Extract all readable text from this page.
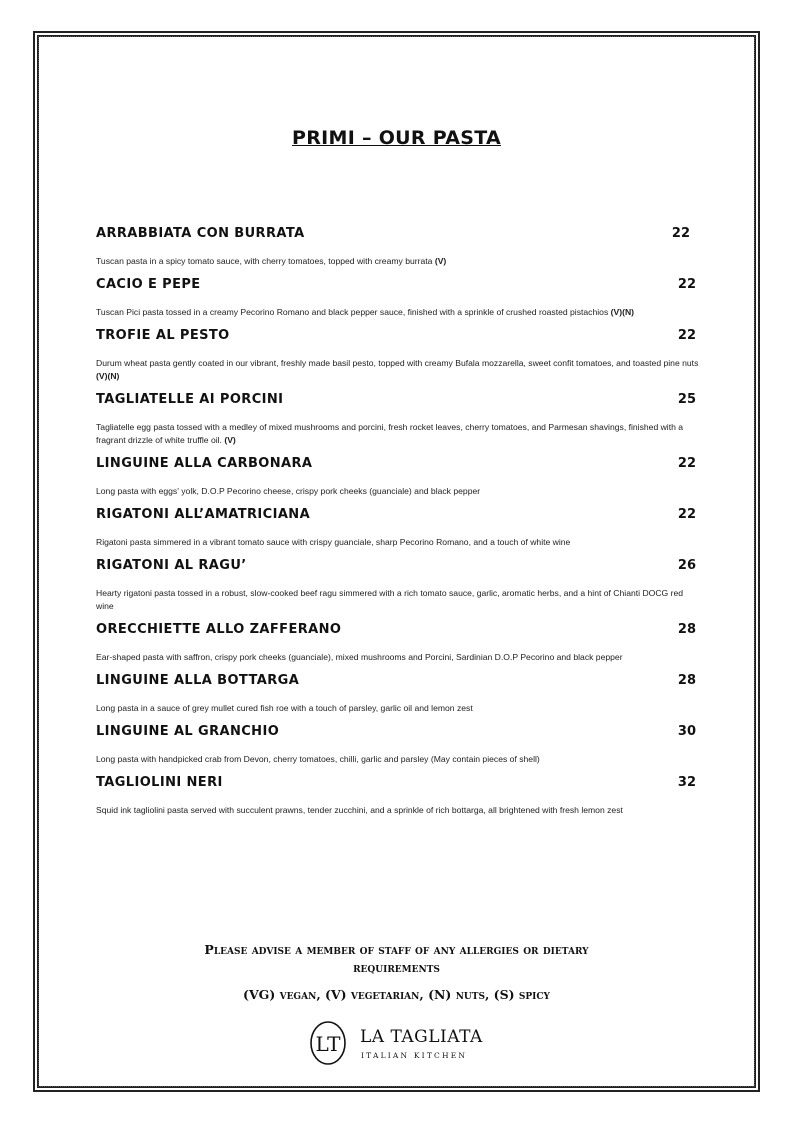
PRIMI – OUR PASTA
ARRABBIATA CON BURRATA	22
Tuscan pasta in a spicy tomato sauce, with cherry tomatoes, topped with creamy burrata (V)
CACIO E PEPE	22
Tuscan Pici pasta tossed in a creamy Pecorino Romano and black pepper sauce, finished with a sprinkle of crushed roasted pistachios (V)(N)
TROFIE AL PESTO	22
Durum wheat pasta gently coated in our vibrant, freshly made basil pesto, topped with creamy Bufala mozzarella, sweet confit tomatoes, and toasted pine nuts (V)(N)
TAGLIATELLE AI PORCINI	25
Tagliatelle egg pasta tossed with a medley of mixed mushrooms and porcini, fresh rocket leaves, cherry tomatoes, and Parmesan shavings, finished with a fragrant drizzle of white truffle oil. (V)
LINGUINE ALLA CARBONARA	22
Long pasta with eggs' yolk, D.O.P Pecorino cheese, crispy pork cheeks (guanciale) and black pepper
RIGATONI ALL’AMATRICIANA	22
Rigatoni pasta simmered in a vibrant tomato sauce with crispy guanciale, sharp Pecorino Romano, and a touch of white wine
RIGATONI AL RAGU’	26
Hearty rigatoni pasta tossed in a robust, slow-cooked beef ragu simmered with a rich tomato sauce, garlic, aromatic herbs, and a hint of Chianti DOCG red wine
ORECCHIETTE ALLO ZAFFERANO	28
Ear-shaped pasta with saffron, crispy pork cheeks (guanciale), mixed mushrooms and Porcini, Sardinian D.O.P Pecorino and black pepper
LINGUINE ALLA BOTTARGA	28
Long pasta in a sauce of grey mullet cured fish roe with a touch of parsley, garlic oil and lemon zest
LINGUINE AL GRANCHIO	30
Long pasta with handpicked crab from Devon, cherry tomatoes, chilli, garlic and parsley (May contain pieces of shell)
TAGLIOLINI NERI	32
Squid ink tagliolini pasta served with succulent prawns, tender zucchini, and a sprinkle of rich bottarga, all brightened with fresh lemon zest
Please advise a member of staff of any allergies or dietary
requirements
(VG) vegan, (V) vegetarian, (N) nuts, (S) spicy
LT LA TAGLIATA
ITALIAN KITCHEN
